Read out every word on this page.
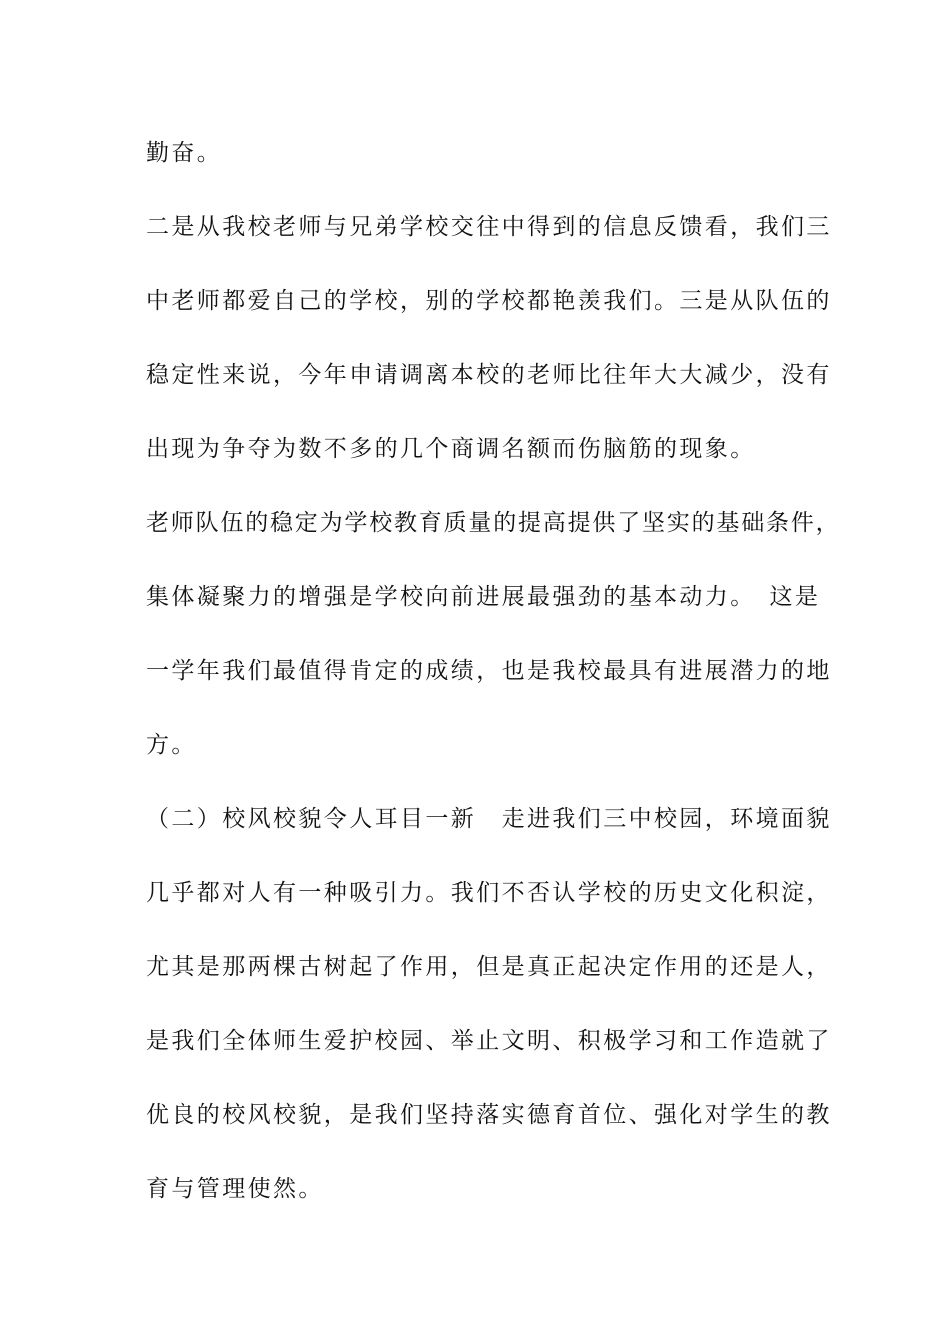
勤奋。
二是从我校老师与兄弟学校交往中得到的信息反馈看，我们三
中老师都爱自己的学校，别的学校都艳羡我们。三是从队伍的
稳定性来说，今年申请调离本校的老师比往年大大减少，没有
出现为争夺为数不多的几个商调名额而伤脑筋的现象。
老师队伍的稳定为学校教育质量的提高提供了坚实的基础条件，
集体凝聚力的增强是学校向前进展最强劲的基本动力。　这是
一学年我们最值得肯定的成绩，也是我校最具有进展潜力的地
方。
（二）校风校貌令人耳目一新　走进我们三中校园，环境面貌
几乎都对人有一种吸引力。我们不否认学校的历史文化积淀，
尤其是那两棵古树起了作用，但是真正起决定作用的还是人，
是我们全体师生爱护校园、举止文明、积极学习和工作造就了
优良的校风校貌，是我们坚持落实德育首位、强化对学生的教
育与管理使然。
